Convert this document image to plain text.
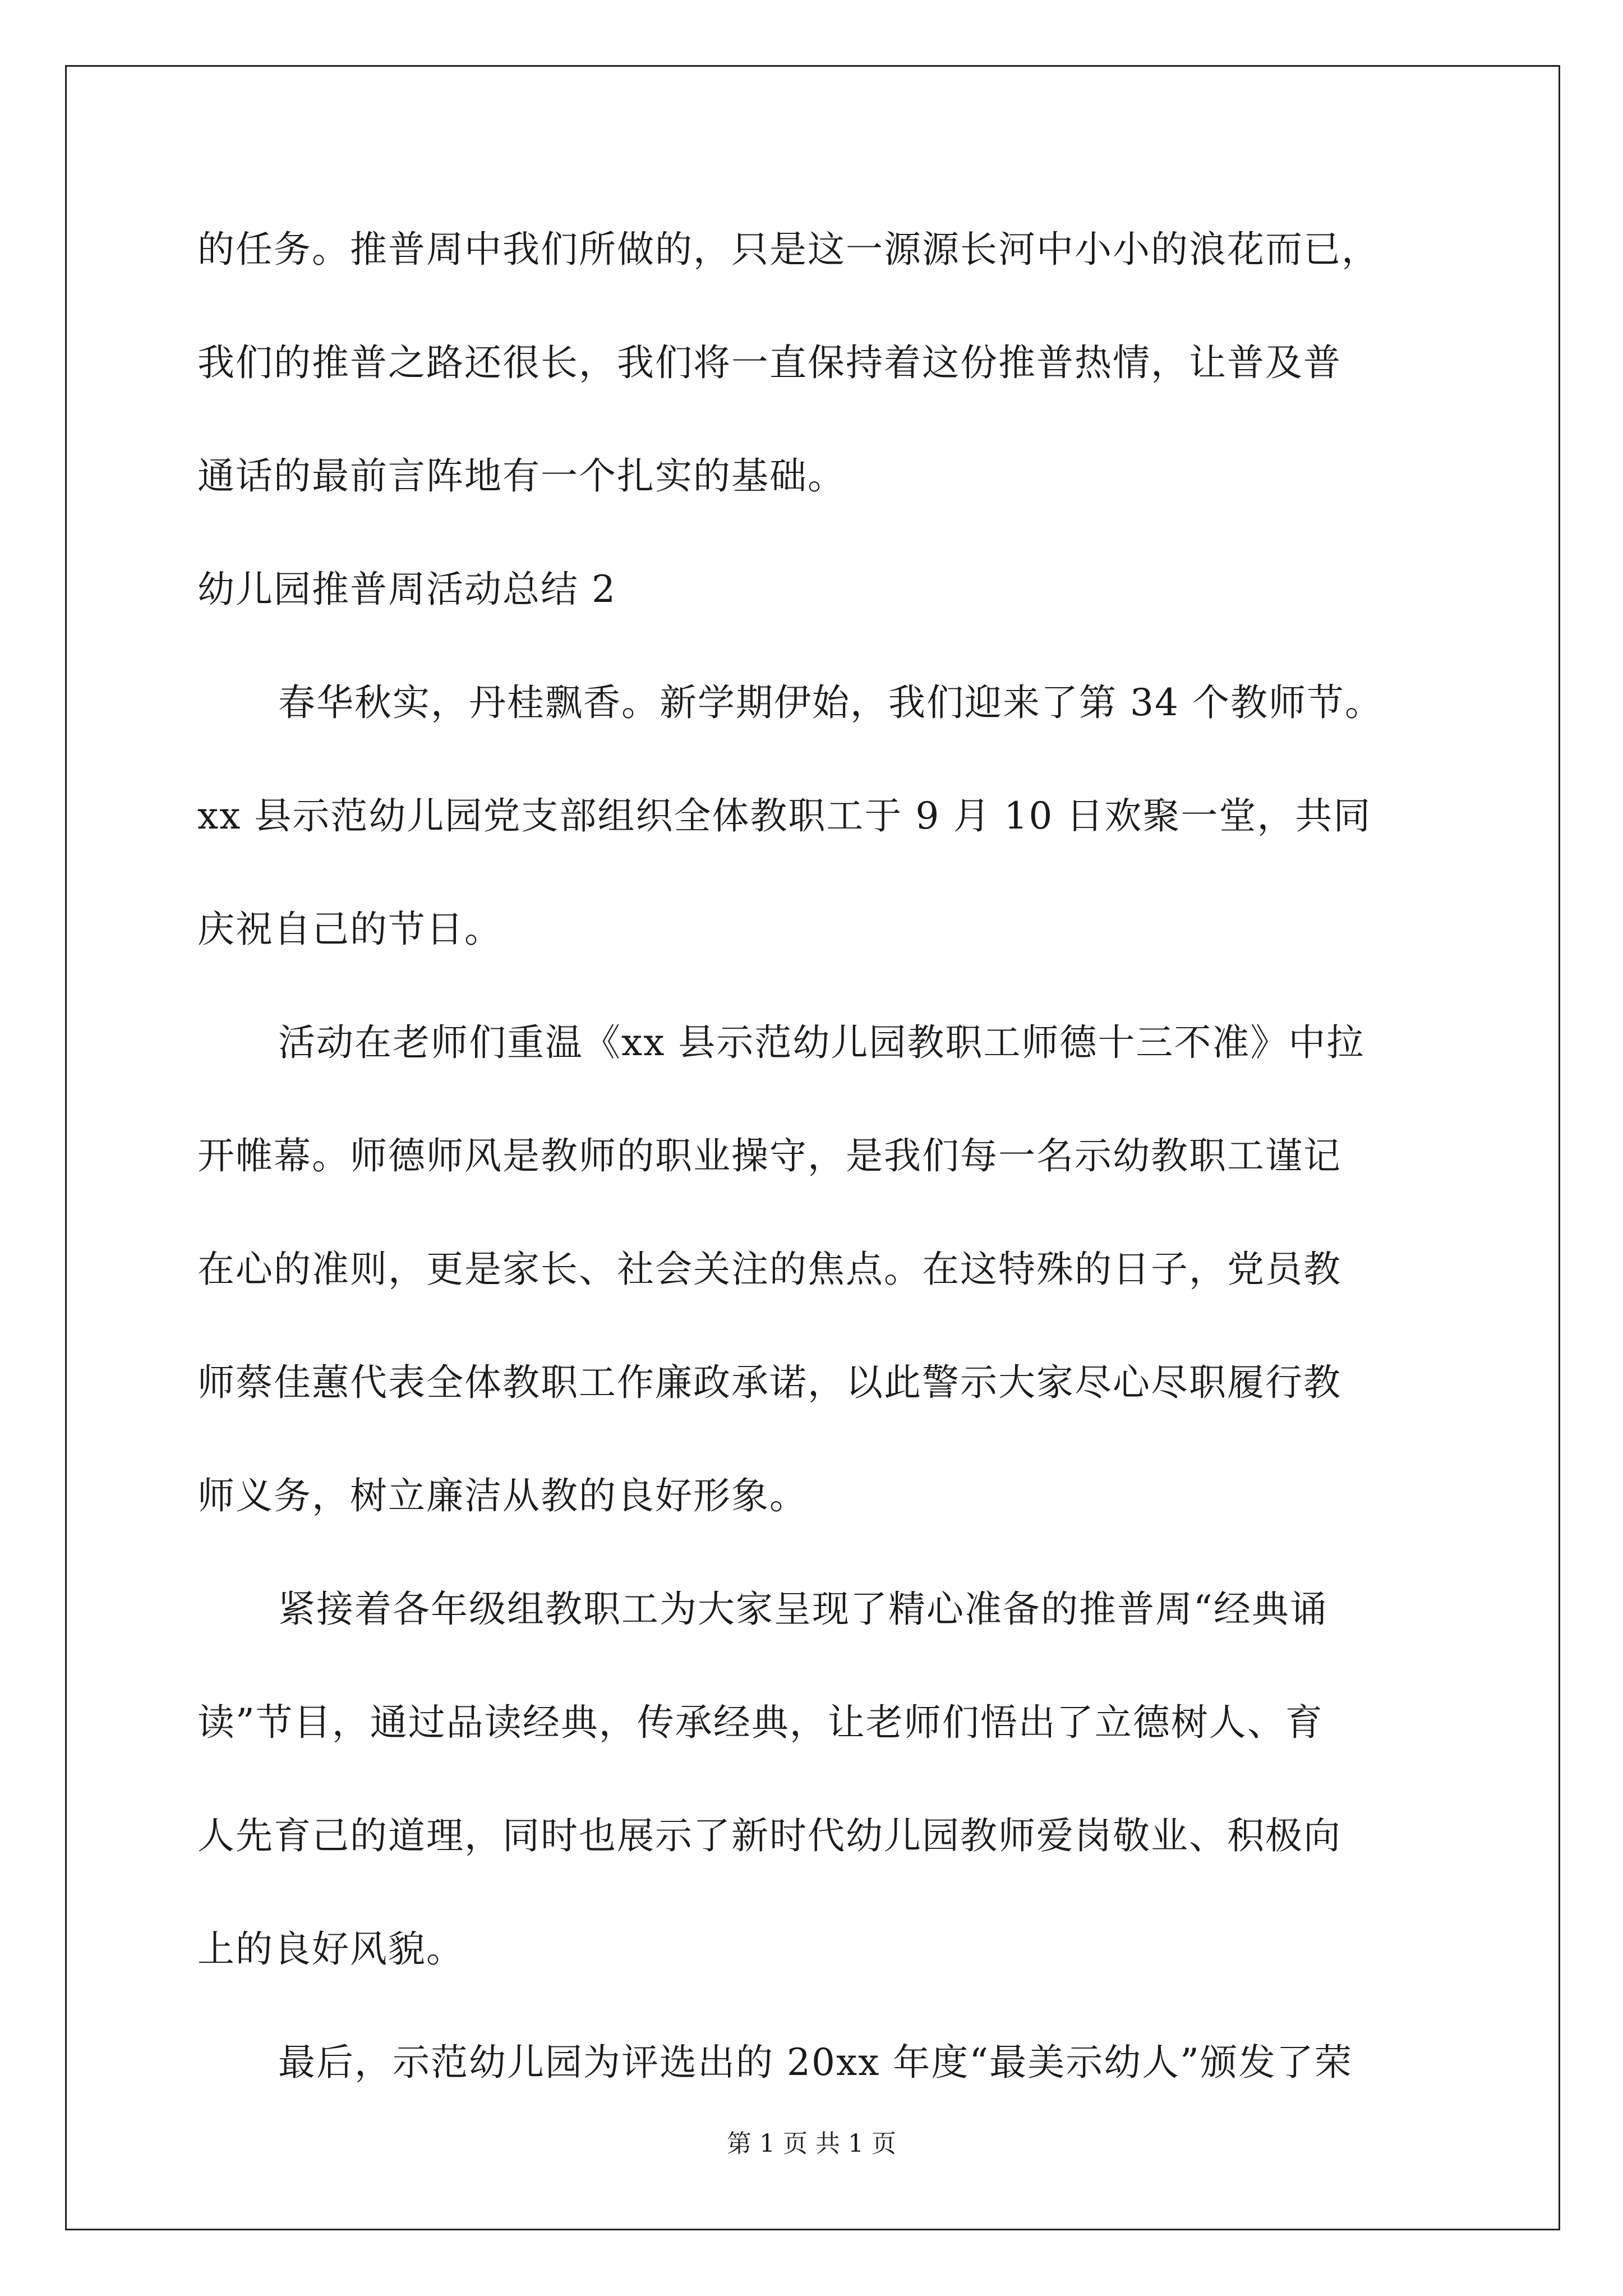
的任务。推普周中我们所做的，只是这一源源长河中小小的浪花而已，

我们的推普之路还很长，我们将一直保持着这份推普热情，让普及普

通话的最前言阵地有一个扎实的基础。

幼儿园推普周活动总结 2

春华秋实，丹桂飘香。新学期伊始，我们迎来了第 34 个教师节。

xx 县示范幼儿园党支部组织全体教职工于 9 月 10 日欢聚一堂，共同

庆祝自己的节日。

活动在老师们重温《xx 县示范幼儿园教职工师德十三不准》中拉

开帷幕。师德师风是教师的职业操守，是我们每一名示幼教职工谨记

在心的准则，更是家长、社会关注的焦点。在这特殊的日子，党员教

师蔡佳蕙代表全体教职工作廉政承诺，以此警示大家尽心尽职履行教

师义务，树立廉洁从教的良好形象。

紧接着各年级组教职工为大家呈现了精心准备的推普周“经典诵

读”节目，通过品读经典，传承经典，让老师们悟出了立德树人、育

人先育己的道理，同时也展示了新时代幼儿园教师爱岗敬业、积极向

上的良好风貌。

最后，示范幼儿园为评选出的 20xx 年度“最美示幼人”颁发了荣

第 1 页 共 1 页
